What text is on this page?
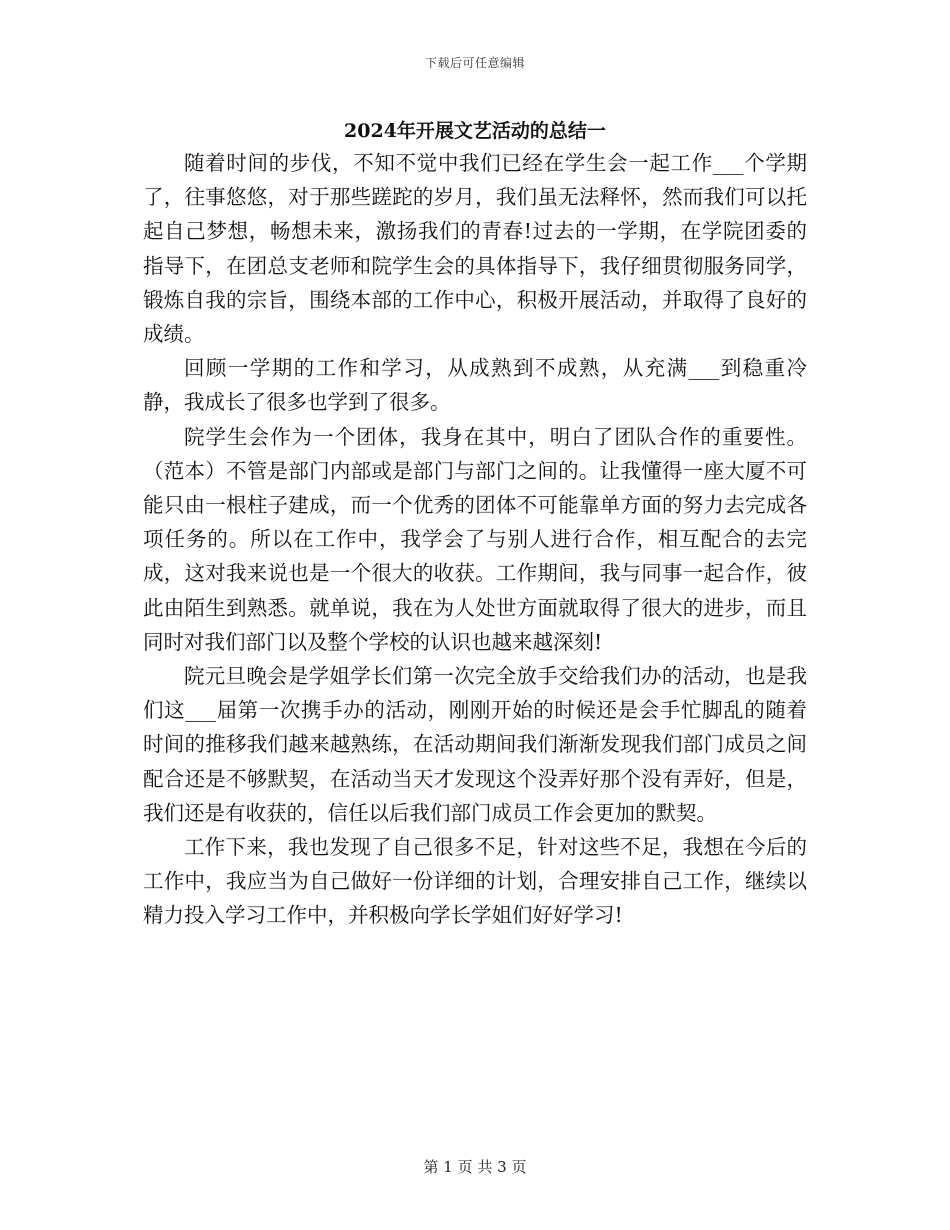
下载后可任意编辑
2024年开展文艺活动的总结一

随着时间的步伐，不知不觉中我们已经在学生会一起工作___个学期了，往事悠悠，对于那些蹉跎的岁月，我们虽无法释怀，然而我们可以托起自己梦想，畅想未来，激扬我们的青春!过去的一学期，在学院团委的指导下，在团总支老师和院学生会的具体指导下，我仔细贯彻服务同学，锻炼自我的宗旨，围绕本部的工作中心，积极开展活动，并取得了良好的成绩。

回顾一学期的工作和学习，从成熟到不成熟，从充满___到稳重冷静，我成长了很多也学到了很多。

院学生会作为一个团体，我身在其中，明白了团队合作的重要性。（范本）不管是部门内部或是部门与部门之间的。让我懂得一座大厦不可能只由一根柱子建成，而一个优秀的团体不可能靠单方面的努力去完成各项任务的。所以在工作中，我学会了与别人进行合作，相互配合的去完成，这对我来说也是一个很大的收获。工作期间，我与同事一起合作，彼此由陌生到熟悉。就单说，我在为人处世方面就取得了很大的进步，而且同时对我们部门以及整个学校的认识也越来越深刻!

院元旦晚会是学姐学长们第一次完全放手交给我们办的活动，也是我们这___届第一次携手办的活动，刚刚开始的时候还是会手忙脚乱的随着时间的推移我们越来越熟练，在活动期间我们渐渐发现我们部门成员之间配合还是不够默契，在活动当天才发现这个没弄好那个没有弄好，但是，我们还是有收获的，信任以后我们部门成员工作会更加的默契。

工作下来，我也发现了自己很多不足，针对这些不足，我想在今后的工作中，我应当为自己做好一份详细的计划，合理安排自己工作，继续以精力投入学习工作中，并积极向学长学姐们好好学习!

第 1 页 共 3 页
